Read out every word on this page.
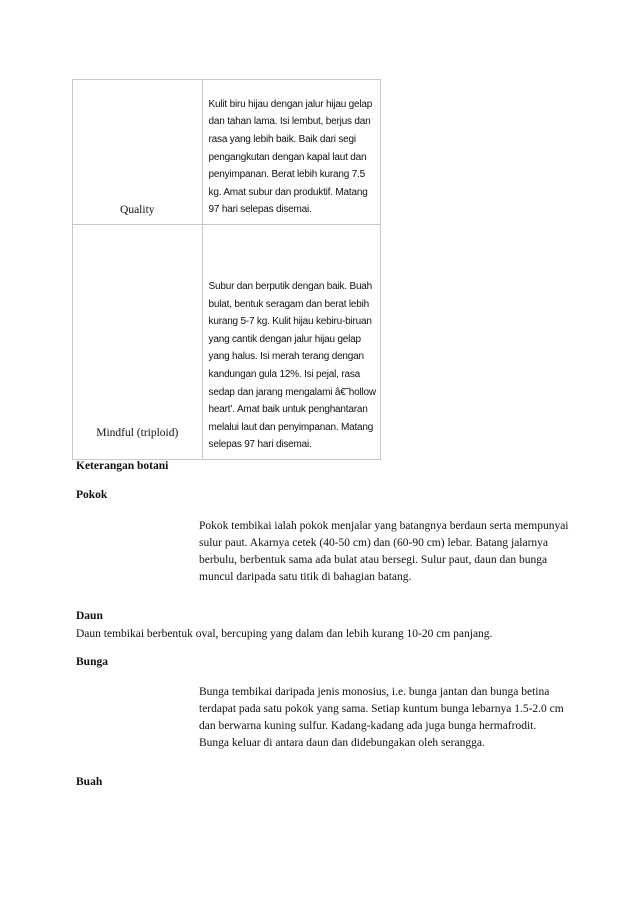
Quality	Kulit biru hijau dengan jalur hijau gelap dan tahan lama. Isi lembut, berjus dan rasa yang lebih baik. Baik dari segi pengangkutan dengan kapal laut dan penyimpanan. Berat lebih kurang 7.5 kg. Amat subur dan produktif. Matang 97 hari selepas disemai.

Mindful (triploid)	Subur dan berputik dengan baik. Buah bulat, bentuk seragam dan berat lebih kurang 5-7 kg. Kulit hijau kebiru-biruan yang cantik dengan jalur hijau gelap yang halus. Isi merah terang dengan kandungan gula 12%. Isi pejal, rasa sedap dan jarang mengalami â€˜hollow heart’. Amat baik untuk penghantaran melalui laut dan penyimpanan. Matang selepas 97 hari disemai.
Keterangan botani
Pokok
Pokok tembikai ialah pokok menjalar yang batangnya berdaun serta mempunyai sulur paut. Akarnya cetek (40-50 cm) dan (60-90 cm) lebar. Batang jalarnya berbulu, berbentuk sama ada bulat atau bersegi. Sulur paut, daun dan bunga muncul daripada satu titik di bahagian batang.
Daun
Daun tembikai berbentuk oval, bercuping yang dalam dan lebih kurang 10-20 cm panjang.
Bunga
Bunga tembikai daripada jenis monosius, i.e. bunga jantan dan bunga betina terdapat pada satu pokok yang sama. Setiap kuntum bunga lebarnya 1.5-2.0 cm dan berwarna kuning sulfur. Kadang-kadang ada juga bunga hermafrodit. Bunga keluar di antara daun dan didebungakan oleh serangga.
Buah
